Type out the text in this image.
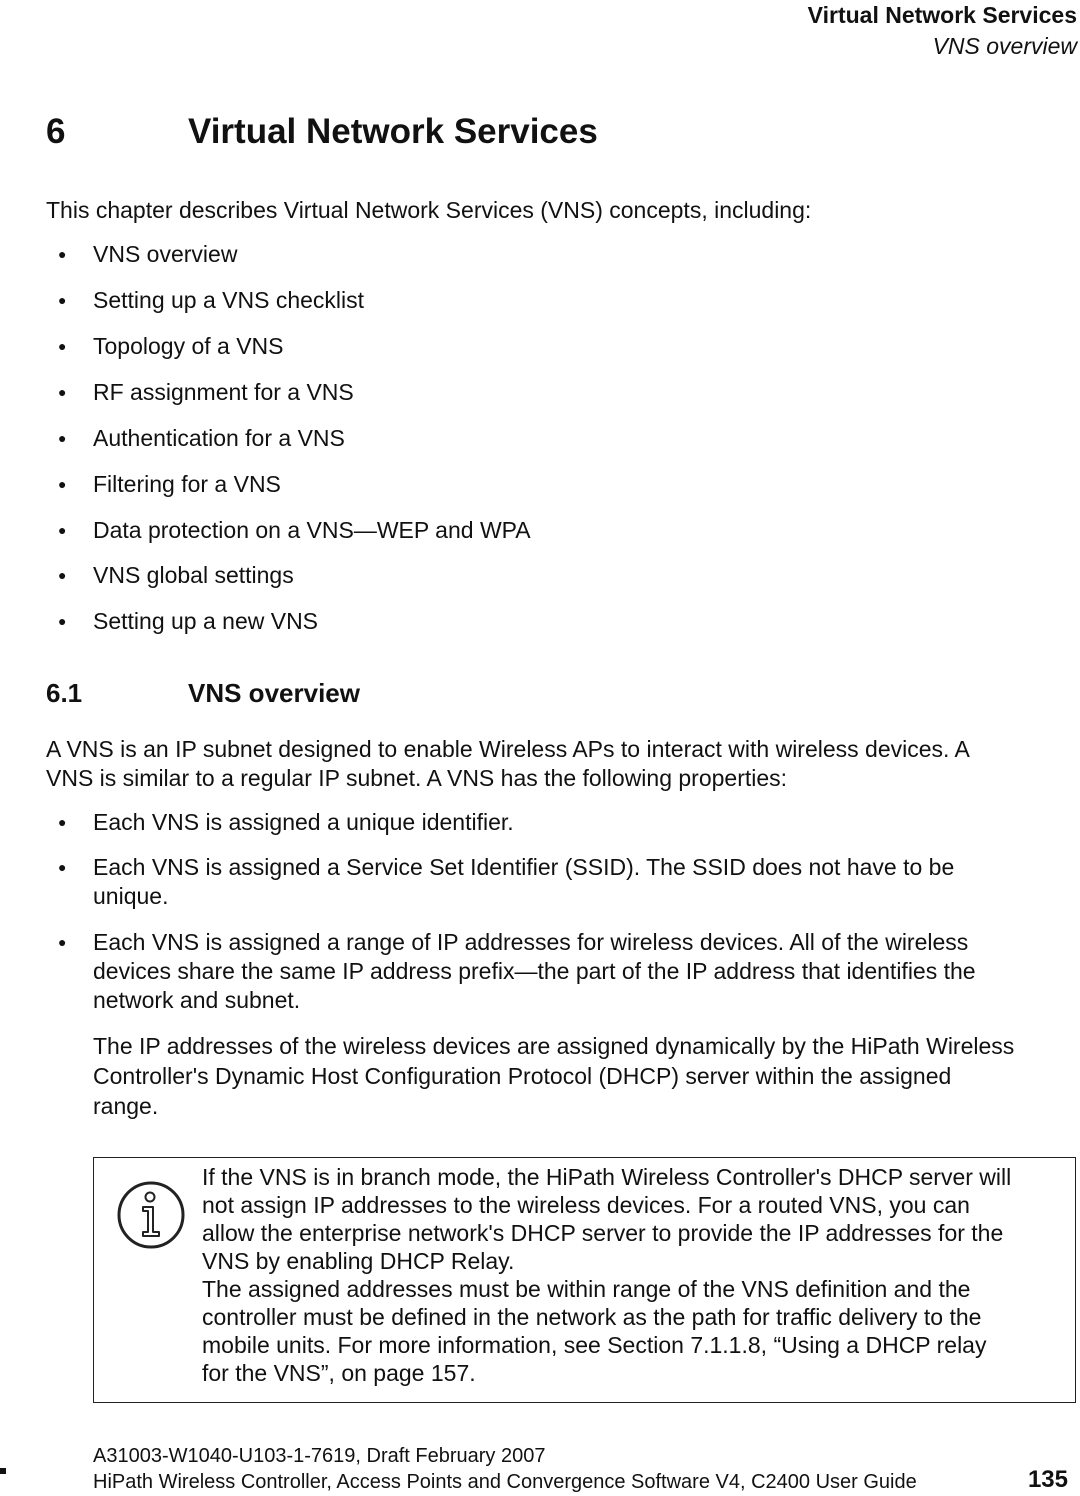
Virtual Network Services
VNS overview
6	Virtual Network Services

This chapter describes Virtual Network Services (VNS) concepts, including:

● VNS overview
● Setting up a VNS checklist
● Topology of a VNS
● RF assignment for a VNS
● Authentication for a VNS
● Filtering for a VNS
● Data protection on a VNS—WEP and WPA
● VNS global settings
● Setting up a new VNS
6.1	VNS overview

A VNS is an IP subnet designed to enable Wireless APs to interact with wireless devices. A

VNS is similar to a regular IP subnet. A VNS has the following properties:

● Each VNS is assigned a unique identifier.
● Each VNS is assigned a Service Set Identifier (SSID). The SSID does not have to be
unique.
● Each VNS is assigned a range of IP addresses for wireless devices. All of the wireless
devices share the same IP address prefix—the part of the IP address that identifies the
network and subnet.

The IP addresses of the wireless devices are assigned dynamically by the HiPath Wireless

Controller's Dynamic Host Configuration Protocol (DHCP) server within the assigned

range.

If the VNS is in branch mode, the HiPath Wireless Controller's DHCP server will

not assign IP addresses to the wireless devices. For a routed VNS, you can

allow the enterprise network's DHCP server to provide the IP addresses for the

VNS by enabling DHCP Relay.

The assigned addresses must be within range of the VNS definition and the

controller must be defined in the network as the path for traffic delivery to the

mobile units. For more information, see Section 7.1.1.8, “Using a DHCP relay

for the VNS”, on page 157.

A31003-W1040-U103-1-7619, Draft February 2007
HiPath Wireless Controller, Access Points and Convergence Software V4, C2400 User Guide	135
